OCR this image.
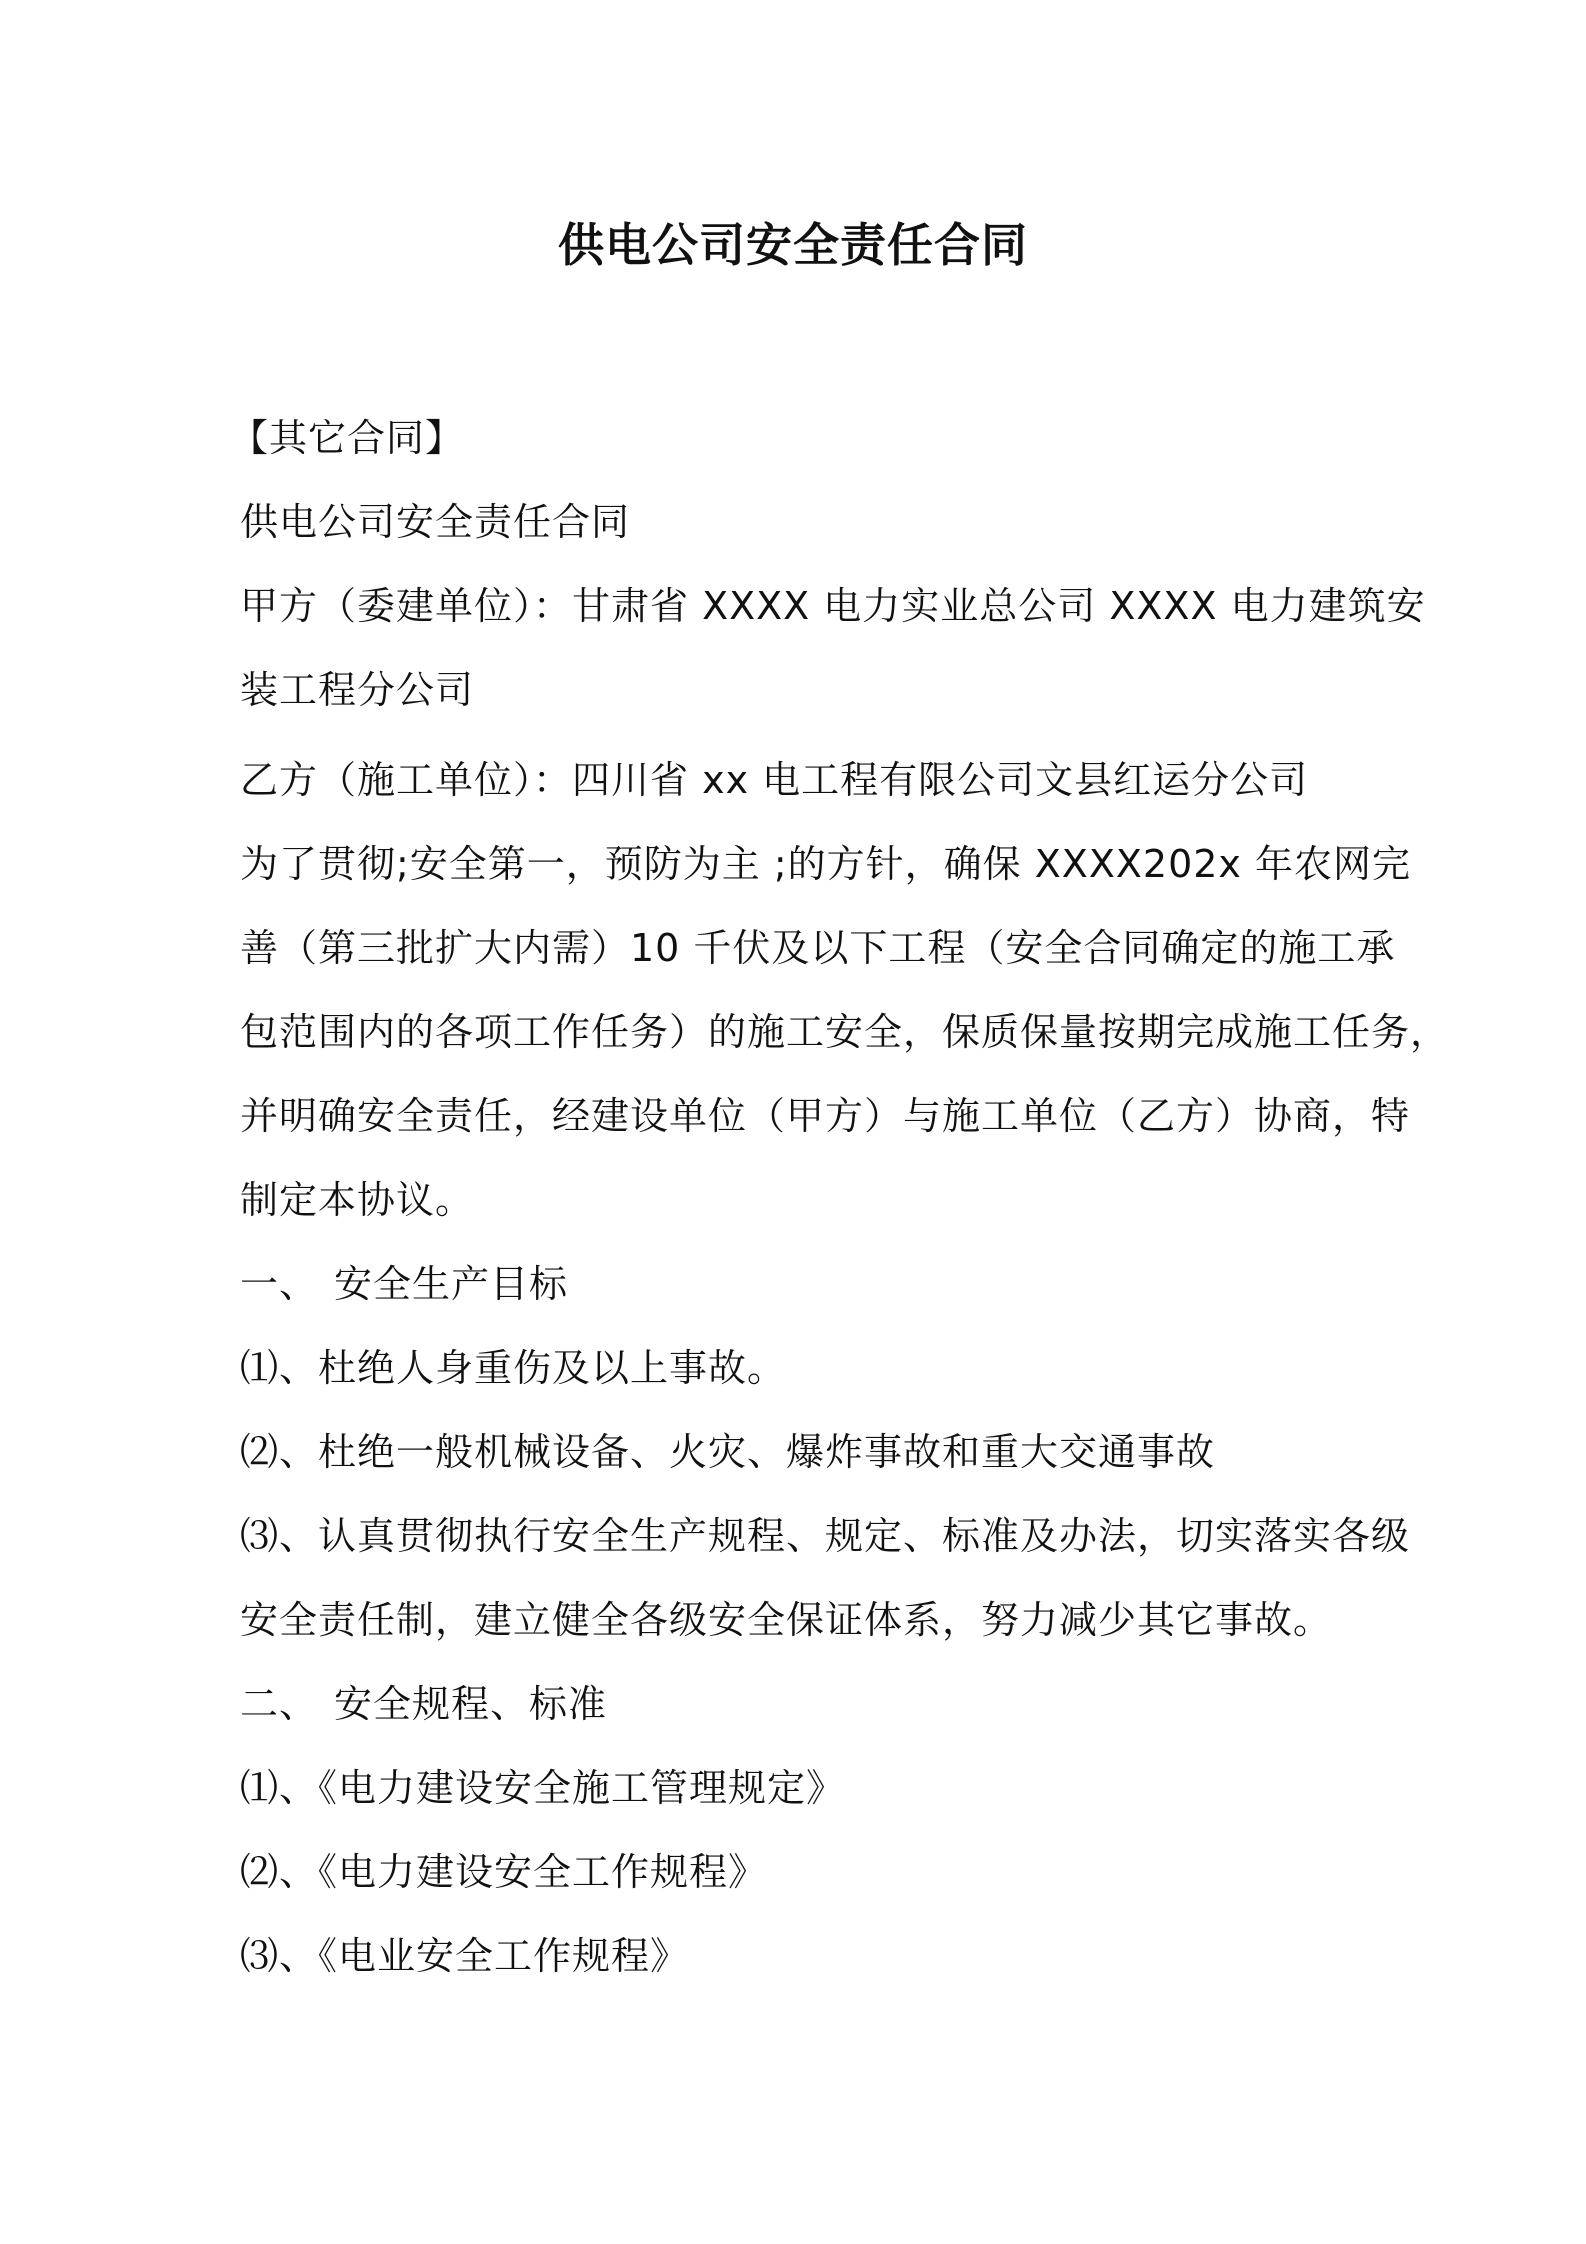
供电公司安全责任合同
【其它合同】
供电公司安全责任合同
甲方（委建单位）：甘肃省 XXXX 电力实业总公司 XXXX 电力建筑安
装工程分公司
乙方（施工单位）：四川省 xx 电工程有限公司文县红运分公司
为了贯彻;安全第一，预防为主 ;的方针，确保 XXXX202x 年农网完
善（第三批扩大内需）10 千伏及以下工程（安全合同确定的施工承
包范围内的各项工作任务）的施工安全，保质保量按期完成施工任务，
并明确安全责任，经建设单位（甲方）与施工单位（乙方）协商，特
制定本协议。
一、 安全生产目标
⑴、杜绝人身重伤及以上事故。
⑵、杜绝一般机械设备、火灾、爆炸事故和重大交通事故
⑶、认真贯彻执行安全生产规程、规定、标准及办法，切实落实各级
安全责任制，建立健全各级安全保证体系，努力减少其它事故。
二、 安全规程、标准
⑴、《电力建设安全施工管理规定》
⑵、《电力建设安全工作规程》
⑶、《电业安全工作规程》
